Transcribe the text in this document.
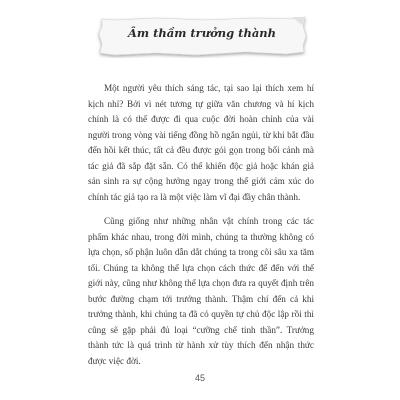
Âm thầm trưởng thành

Một người yêu thích sáng tác, tại sao lại thích xem hí kịch nhỉ? Bởi vì nét tương tự giữa văn chương và hí kịch chính là có thể được đi qua cuộc đời hoàn chỉnh của vài người trong vòng vài tiếng đồng hồ ngắn ngủi, từ khi bắt đầu đến hồi kết thúc, tất cả đều được gói gọn trong bối cảnh mà tác giả đã sắp đặt sẵn. Có thể khiến độc giả hoặc khán giả sản sinh ra sự cộng hưởng ngay trong thế giới cảm xúc do chính tác giả tạo ra là một việc làm vĩ đại đầy chân thành.

Cũng giống như những nhân vật chính trong các tác phẩm khác nhau, trong đời mình, chúng ta thường không có lựa chọn, số phận luôn dẫn dắt chúng ta trong cõi sâu xa tăm tối. Chúng ta không thể lựa chọn cách thức để đến với thế giới này, cũng như không thể lựa chọn đưa ra quyết định trên bước đường chạm tới trưởng thành. Thậm chí đến cả khi trưởng thành, khi chúng ta đã có quyền tự chủ độc lập rồi thì cũng sẽ gặp phải đủ loại “cưỡng chế tinh thần”. Trưởng thành tức là quá trình từ hành xử tùy thích đến nhận thức được việc đời.

45
